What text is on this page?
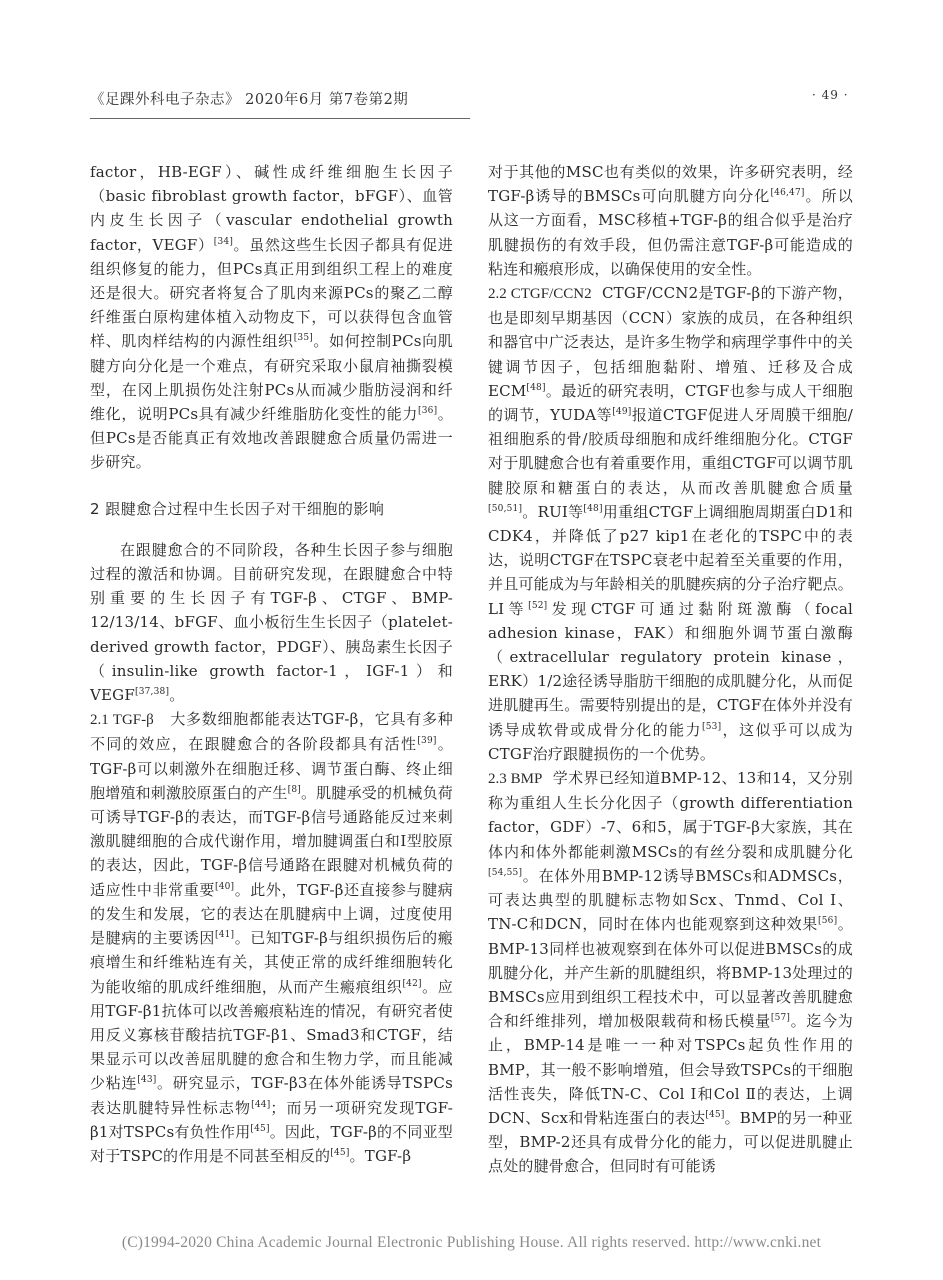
《足踝外科电子杂志》 2020年6月 第7卷第2期	· 49 ·

factor，HB-EGF）、碱性成纤维细胞生长因子（basic fibroblast growth factor，bFGF）、血管内皮生长因子（vascular endothelial growth factor，VEGF）[34]。虽然这些生长因子都具有促进组织修复的能力，但PCs真正用到组织工程上的难度还是很大。研究者将复合了肌肉来源PCs的聚乙二醇纤维蛋白原构建体植入动物皮下，可以获得包含血管样、肌肉样结构的内源性组织[35]。如何控制PCs向肌腱方向分化是一个难点，有研究采取小鼠肩袖撕裂模型，在冈上肌损伤处注射PCs从而减少脂肪浸润和纤维化，说明PCs具有减少纤维脂肪化变性的能力[36]。但PCs是否能真正有效地改善跟腱愈合质量仍需进一步研究。

2 跟腱愈合过程中生长因子对干细胞的影响

在跟腱愈合的不同阶段，各种生长因子参与细胞过程的激活和协调。目前研究发现，在跟腱愈合中特别重要的生长因子有TGF-β、CTGF、BMP-12/13/14、bFGF、血小板衍生生长因子（platelet-derived growth factor，PDGF）、胰岛素生长因子（insulin-like growth factor-1，IGF-1）和VEGF[37,38]。

2.1 TGF-β 大多数细胞都能表达TGF-β，它具有多种不同的效应，在跟腱愈合的各阶段都具有活性[39]。TGF-β可以刺激外在细胞迁移、调节蛋白酶、终止细胞增殖和刺激胶原蛋白的产生[8]。肌腱承受的机械负荷可诱导TGF-β的表达，而TGF-β信号通路能反过来刺激肌腱细胞的合成代谢作用，增加腱调蛋白和I型胶原的表达，因此，TGF-β信号通路在跟腱对机械负荷的适应性中非常重要[40]。此外，TGF-β还直接参与腱病的发生和发展，它的表达在肌腱病中上调，过度使用是腱病的主要诱因[41]。已知TGF-β与组织损伤后的瘢痕增生和纤维粘连有关，其使正常的成纤维细胞转化为能收缩的肌成纤维细胞，从而产生瘢痕组织[42]。应用TGF-β1抗体可以改善瘢痕粘连的情况，有研究者使用反义寡核苷酸拮抗TGF-β1、Smad3和CTGF，结果显示可以改善屈肌腱的愈合和生物力学，而且能减少粘连[43]。研究显示，TGF-β3在体外能诱导TSPCs表达肌腱特异性标志物[44]；而另一项研究发现TGF-β1对TSPCs有负性作用[45]。因此，TGF-β的不同亚型对于TSPC的作用是不同甚至相反的[45]。TGF-β

对于其他的MSC也有类似的效果，许多研究表明，经TGF-β诱导的BMSCs可向肌腱方向分化[46,47]。所以从这一方面看，MSC移植+TGF-β的组合似乎是治疗肌腱损伤的有效手段，但仍需注意TGF-β可能造成的粘连和瘢痕形成，以确保使用的安全性。

2.2 CTGF/CCN2 CTGF/CCN2是TGF-β的下游产物，也是即刻早期基因（CCN）家族的成员，在各种组织和器官中广泛表达，是许多生物学和病理学事件中的关键调节因子，包括细胞黏附、增殖、迁移及合成ECM[48]。最近的研究表明，CTGF也参与成人干细胞的调节，YUDA等[49]报道CTGF促进人牙周膜干细胞/祖细胞系的骨/胶质母细胞和成纤维细胞分化。CTGF对于肌腱愈合也有着重要作用，重组CTGF可以调节肌腱胶原和糖蛋白的表达，从而改善肌腱愈合质量[50,51]。RUI等[48]用重组CTGF上调细胞周期蛋白D1和CDK4，并降低了p27 kip1在老化的TSPC中的表达，说明CTGF在TSPC衰老中起着至关重要的作用，并且可能成为与年龄相关的肌腱疾病的分子治疗靶点。LI等[52]发现CTGF可通过黏附斑激酶（focal adhesion kinase，FAK）和细胞外调节蛋白激酶（extracellular regulatory protein kinase，ERK）1/2途径诱导脂肪干细胞的成肌腱分化，从而促进肌腱再生。需要特别提出的是，CTGF在体外并没有诱导成软骨或成骨分化的能力[53]，这似乎可以成为CTGF治疗跟腱损伤的一个优势。

2.3 BMP 学术界已经知道BMP-12、13和14，又分别称为重组人生长分化因子（growth differentiation factor，GDF）-7、6和5，属于TGF-β大家族，其在体内和体外都能刺激MSCs的有丝分裂和成肌腱分化[54,55]。在体外用BMP-12诱导BMSCs和ADMSCs，可表达典型的肌腱标志物如Scx、Tnmd、Col Ⅰ、TN-C和DCN，同时在体内也能观察到这种效果[56]。BMP-13同样也被观察到在体外可以促进BMSCs的成肌腱分化，并产生新的肌腱组织，将BMP-13处理过的BMSCs应用到组织工程技术中，可以显著改善肌腱愈合和纤维排列，增加极限载荷和杨氏模量[57]。迄今为止，BMP-14是唯一一种对TSPCs起负性作用的BMP，其一般不影响增殖，但会导致TSPCs的干细胞活性丧失，降低TN-C、Col Ⅰ和Col Ⅱ的表达，上调DCN、Scx和骨粘连蛋白的表达[45]。BMP的另一种亚型，BMP-2还具有成骨分化的能力，可以促进肌腱止点处的腱骨愈合，但同时有可能诱

(C)1994-2020 China Academic Journal Electronic Publishing House. All rights reserved. http://www.cnki.net
